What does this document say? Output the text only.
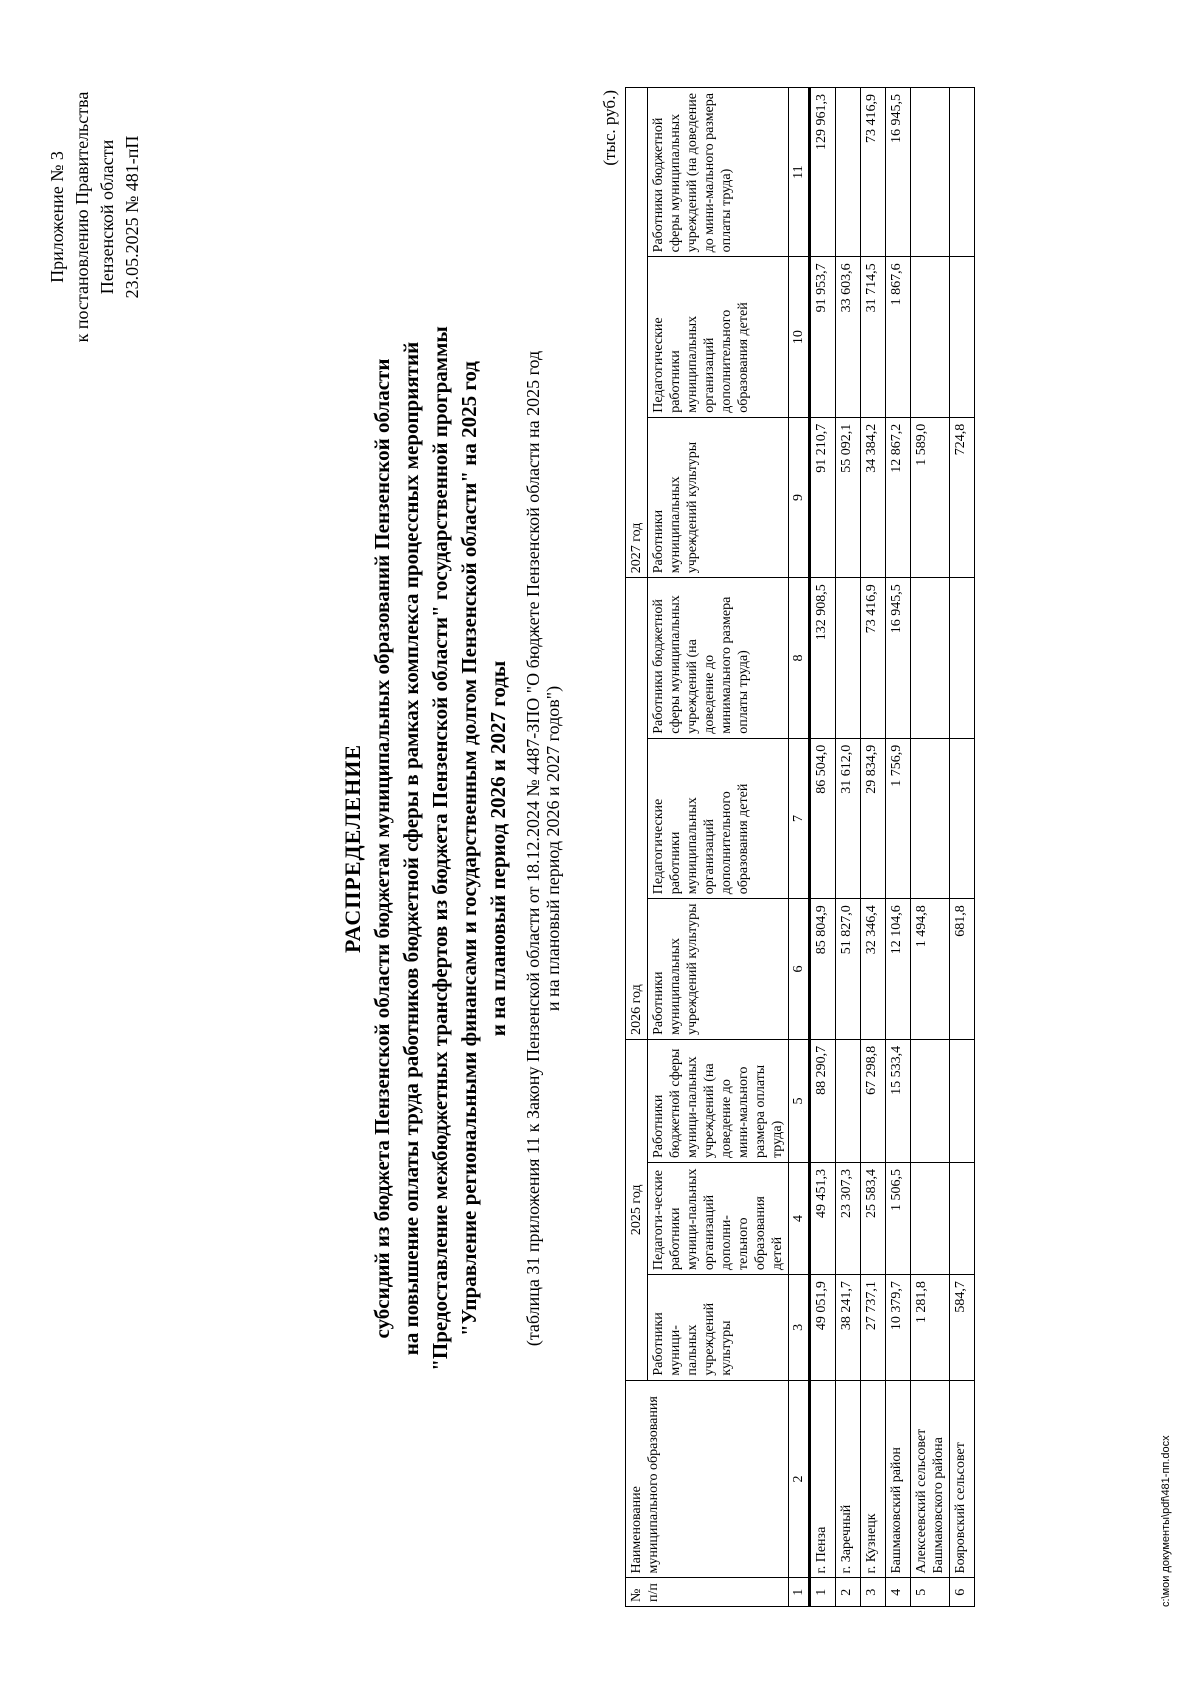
Приложение № 3 к постановлению Правительства Пензенской области 23.05.2025 № 481-пП
РАСПРЕДЕЛЕНИЕ субсидий из бюджета Пензенской области бюджетам муниципальных образований Пензенской области на повышение оплаты труда работников бюджетной сферы в рамках комплекса процессных мероприятий "Предоставление межбюджетных трансфертов из бюджета Пензенской области" государственной программы "Управление региональными финансами и государственным долгом Пензенской области" на 2025 год и на плановый период 2026 и 2027 годы (таблица 31 приложения 11 к Закону Пензенской области от 18.12.2024 № 4487-ЗПО "О бюджете Пензенской области на 2025 год и на плановый период 2026 и 2027 годов")
(тыс. руб.)
№ п/п	Наименование муниципального образования	2025 год			2026 год			2027 год		
		Работники муници-пальных учреждений культуры	Педагоги-ческие работники муници-пальных организаций дополни-тельного образования детей	Работники бюджетной сферы муници-пальных учреждений (на доведение до мини-мального размера оплаты труда)	Работники муниципальных учреждений культуры	Педагогические работники муниципальных организаций дополнительного образования детей	Работники бюджетной сферы муниципальных учреждений (на доведение до минимального размера оплаты труда)	Работники муниципальных учреждений культуры	Педагогические работники муниципальных организаций дополнительного образования детей	Работники бюджетной сферы муниципальных учреждений (на доведение до мини-мального размера оплаты труда)
1	2	3	4	5	6	7	8	9	10	11
1	г. Пенза	49 051,9	49 451,3	88 290,7	85 804,9	86 504,0	132 908,5	91 210,7	91 953,7	129 961,3
2	г. Заречный	38 241,7	23 307,3		51 827,0	31 612,0		55 092,1	33 603,6	
3	г. Кузнецк	27 737,1	25 583,4	67 298,8	32 346,4	29 834,9	73 416,9	34 384,2	31 714,5	73 416,9
4	Башмаковский район	10 379,7	1 506,5	15 533,4	12 104,6	1 756,9	16 945,5	12 867,2	1 867,6	16 945,5
5	Алексеевский сельсовет Башмаковского района	1 281,8			1 494,8			1 589,0		
6	Бояровский сельсовет	584,7			681,8			724,8		
c:\мои документы\pdf\481-пп.docx
